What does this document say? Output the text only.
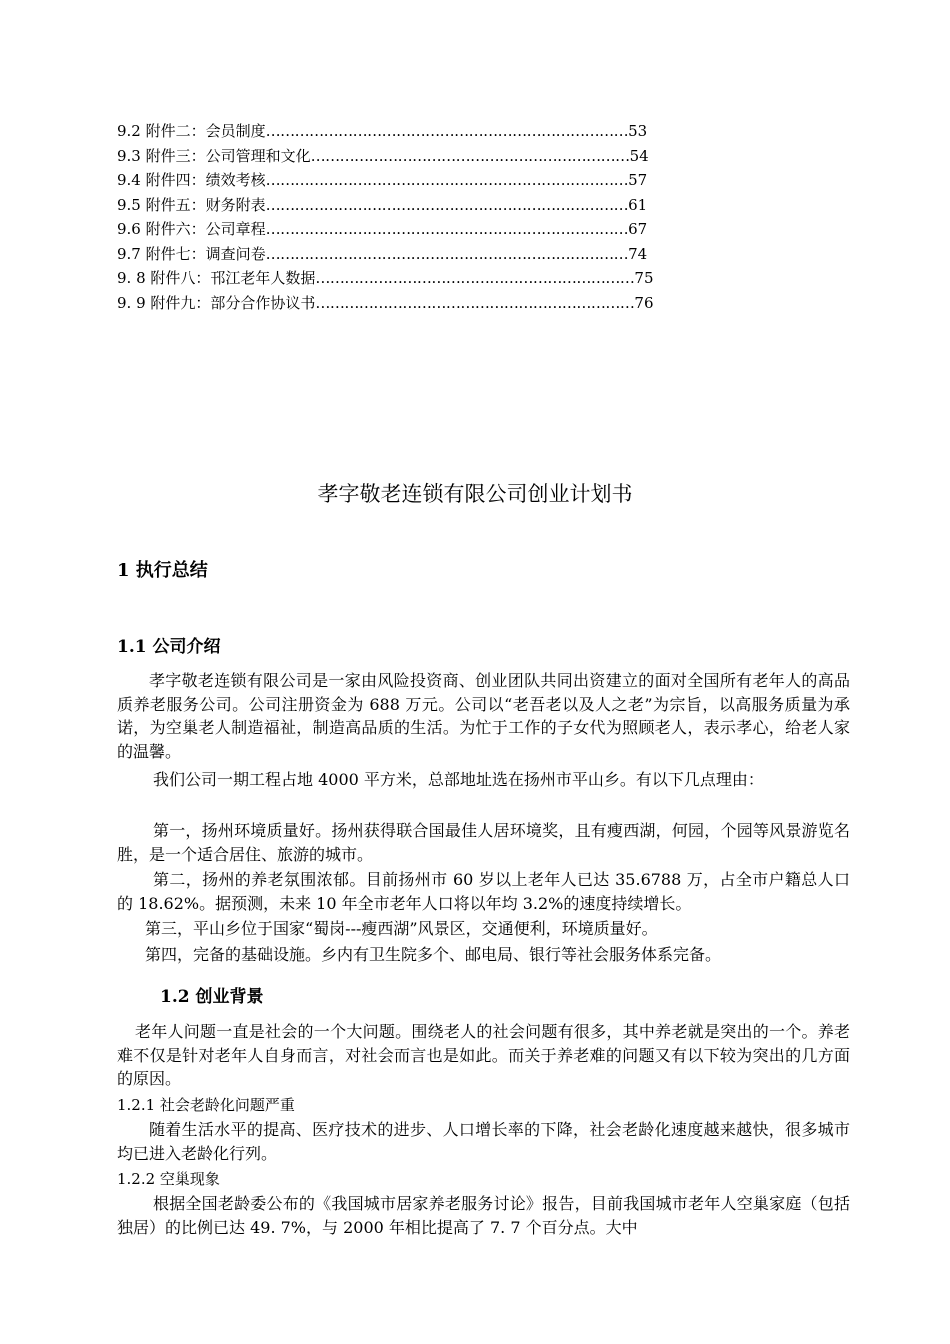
9.2 附件二：会员制度 ………………………………………………………………… 53
9.3 附件三：公司管理和文化 ………………………………………………………… 54
9.4 附件四：绩效考核 ………………………………………………………………… 57
9.5 附件五：财务附表 ………………………………………………………………… 61
9.6 附件六：公司章程 ………………………………………………………………… 67
9.7 附件七：调查问卷 ………………………………………………………………… 74
9. 8 附件八：邗江老年人数据 ………………………………………………………… 75
9. 9 附件九：部分合作协议书 ………………………………………………………… 76
孝字敬老连锁有限公司创业计划书
1 执行总结
1.1 公司介绍
孝字敬老连锁有限公司是一家由风险投资商、创业团队共同出资建立的面对全国所有老年人的高品质养老服务公司。公司注册资金为 688 万元。公司以“老吾老以及人之老”为宗旨，以高服务质量为承诺，为空巢老人制造福祉，制造高品质的生活。为忙于工作的子女代为照顾老人，表示孝心，给老人家的温馨。
我们公司一期工程占地 4000 平方米，总部地址选在扬州市平山乡。有以下几点理由：
第一，扬州环境质量好。扬州获得联合国最佳人居环境奖，且有瘦西湖，何园，个园等风景游览名胜，是一个适合居住、旅游的城市。
第二，扬州的养老氛围浓郁。目前扬州市 60 岁以上老年人已达 35.6788 万，占全市户籍总人口的 18.62%。据预测，未来 10 年全市老年人口将以年均 3.2%的速度持续增长。
第三，平山乡位于国家“蜀岗---瘦西湖”风景区，交通便利，环境质量好。
第四，完备的基础设施。乡内有卫生院多个、邮电局、银行等社会服务体系完备。
1.2 创业背景
老年人问题一直是社会的一个大问题。围绕老人的社会问题有很多，其中养老就是突出的一个。养老难不仅是针对老年人自身而言，对社会而言也是如此。而关于养老难的问题又有以下较为突出的几方面的原因。
1.2.1 社会老龄化问题严重
随着生活水平的提高、医疗技术的进步、人口增长率的下降，社会老龄化速度越来越快，很多城市均已进入老龄化行列。
1.2.2 空巢现象
根据全国老龄委公布的《我国城市居家养老服务讨论》报告，目前我国城市老年人空巢家庭（包括独居）的比例已达 49. 7%，与 2000 年相比提高了 7. 7 个百分点。大中
